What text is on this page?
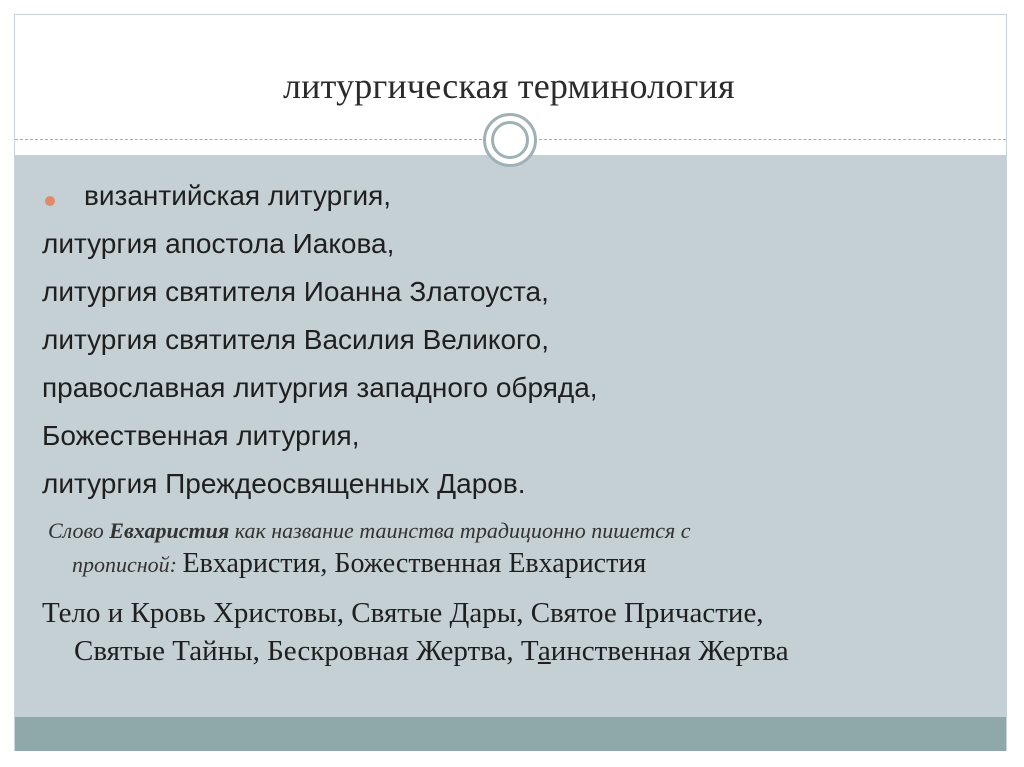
литургическая терминология
византийская литургия,
литургия апостола Иакова,
литургия святителя Иоанна Златоуста,
литургия святителя Василия Великого,
православная литургия западного обряда,
Божественная литургия,
литургия Преждеосвященных Даров.
Слово Евхаристия как название таинства традиционно пишется с
прописной: Евхаристия, Божественная Евхаристия
Тело и Кровь Христовы, Святые Дары, Святое Причастие,
Святые Тайны, Бескровная Жертва, Таинственная Жертва
